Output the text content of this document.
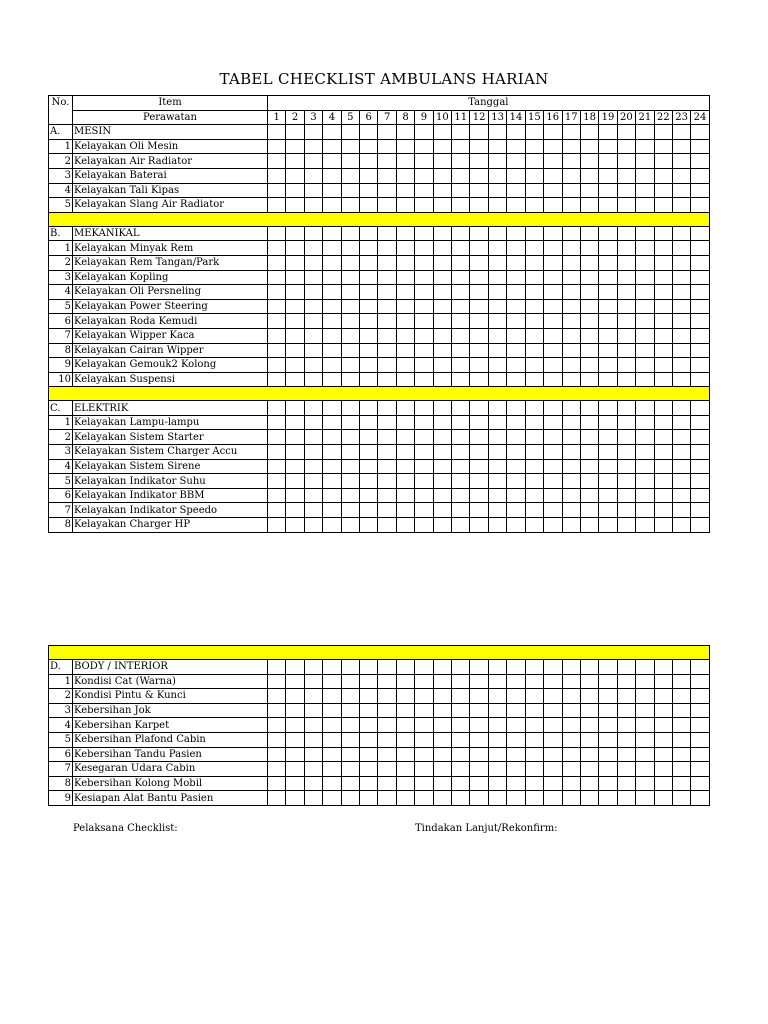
TABEL CHECKLIST AMBULANS HARIAN
No.	Item	Tanggal																							
	Perawatan	1	2	3	4	5	6	7	8	9	10	11	12	13	14	15	16	17	18	19	20	21	22	23	24
A.	MESIN																								
1	Kelayakan Oli Mesin																								
2	Kelayakan Air Radiator																								
3	Kelayakan Baterai																								
4	Kelayakan Tali Kipas																								
5	Kelayakan Slang Air Radiator																								

B.	MEKANIKAL																								
1	Kelayakan Minyak Rem																								
2	Kelayakan Rem Tangan/Park																								
3	Kelayakan Kopling																								
4	Kelayakan Oli Persneling																								
5	Kelayakan Power Steering																								
6	Kelayakan Roda Kemudi																								
7	Kelayakan Wipper Kaca																								
8	Kelayakan Cairan Wipper																								
9	Kelayakan Gemouk2 Kolong																								
10	Kelayakan Suspensi																								

C.	ELEKTRIK																								
1	Kelayakan Lampu-lampu																								
2	Kelayakan Sistem Starter																								
3	Kelayakan Sistem Charger Accu																								
4	Kelayakan Sistem Sirene																								
5	Kelayakan Indikator Suhu																								
6	Kelayakan Indikator BBM																								
7	Kelayakan Indikator Speedo																								
8	Kelayakan Charger HP																								

D.	BODY / INTERIOR																								
1	Kondisi Cat (Warna)																								
2	Kondisi Pintu & Kunci																								
3	Kebersihan Jok																								
4	Kebersihan Karpet																								
5	Kebersihan Plafond Cabin																								
6	Kebersihan Tandu Pasien																								
7	Kesegaran Udara Cabin																								
8	Kebersihan Kolong Mobil																								
9	Kesiapan Alat Bantu Pasien																								
Pelaksana Checklist:	Tindakan Lanjut/Rekonfirm:
